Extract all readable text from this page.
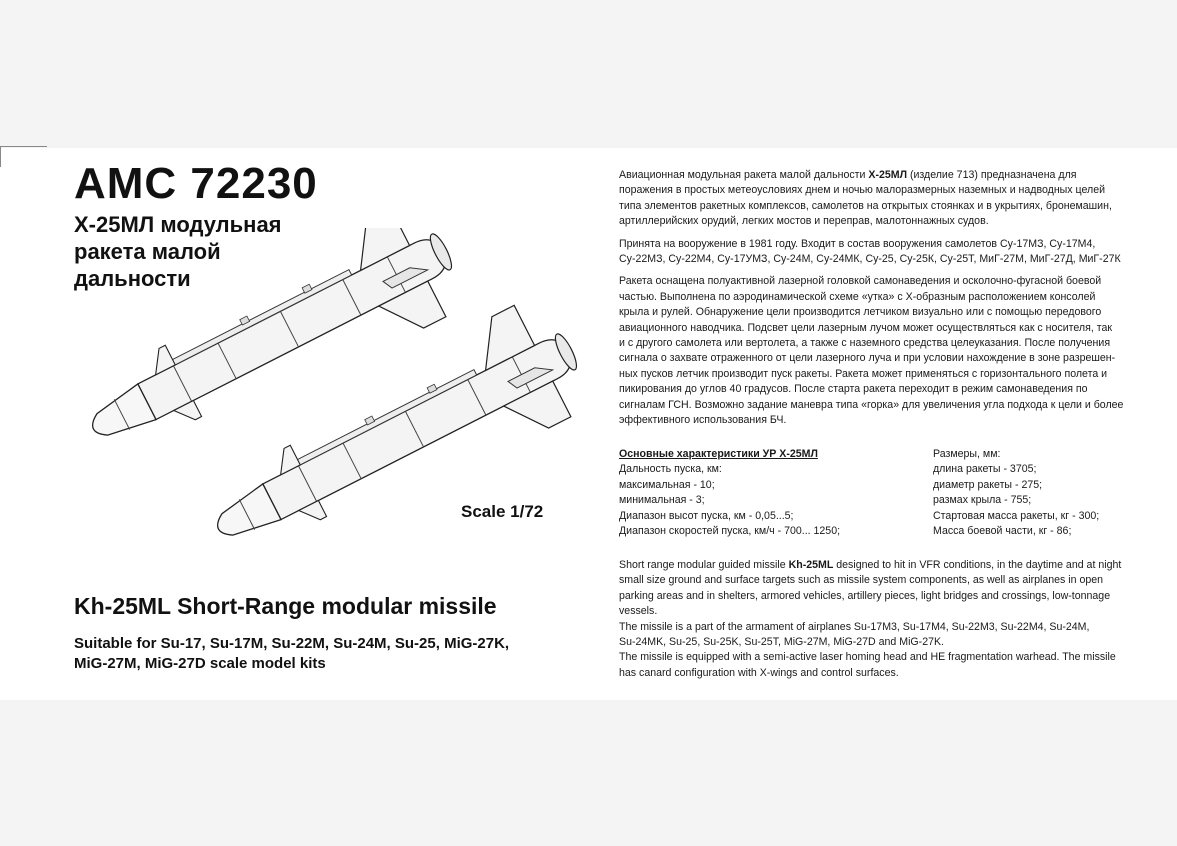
AMC 72230
Х-25МЛ модульная
ракета малой
дальности
Scale 1/72
Kh-25ML Short-Range modular missile
Suitable for Su-17, Su-17M, Su-22M, Su-24M, Su-25, MiG-27K,
MiG-27M, MiG-27D scale model kits

Авиационная модульная ракета малой дальности Х-25МЛ (изделие 713) предназначена для
поражения в простых метеоусловиях днем и ночью малоразмерных наземных и надводных целей
типа элементов ракетных комплексов, самолетов на открытых стоянках и в укрытиях, бронемашин,
артиллерийских орудий, легких мостов и переправ, малотоннажных судов.

Принята на вооружение в 1981 году. Входит в состав вооружения самолетов Су-17МЗ, Су-17М4,
Су-22МЗ, Су-22М4, Су-17УМЗ, Су-24М, Су-24МК, Су-25, Су-25К, Су-25Т, МиГ-27М, МиГ-27Д, МиГ-27К

Ракета оснащена полуактивной лазерной головкой самонаведения и осколочно-фугасной боевой
частью. Выполнена по аэродинамической схеме «утка» с Х-образным расположением консолей
крыла и рулей. Обнаружение цели производится летчиком визуально или с помощью передового
авиационного наводчика. Подсвет цели лазерным лучом может осуществляться как с носителя, так
и с другого самолета или вертолета, а также с наземного средства целеуказания. После получения
сигнала о захвате отраженного от цели лазерного луча и при условии нахождение в зоне разрешен-
ных пусков летчик производит пуск ракеты. Ракета может применяться с горизонтального полета и
пикирования до углов 40 градусов. После старта ракета переходит в режим самонаведения по
сигналам ГСН. Возможно задание маневра типа «горка» для увеличения угла подхода к цели и более
эффективного использования БЧ.

Основные характеристики УР Х-25МЛ
Дальность пуска, км:
максимальная - 10;
минимальная - 3;
Диапазон высот пуска, км - 0,05...5;
Диапазон скоростей пуска, км/ч - 700... 1250;
Размеры, мм:
длина ракеты - 3705;
диаметр ракеты - 275;
размах крыла - 755;
Стартовая масса ракеты, кг - 300;
Масса боевой части, кг - 86;
Short range modular guided missile Kh-25ML designed to hit in VFR conditions, in the daytime and at night
small size ground and surface targets such as missile system components, as well as airplanes in open
parking areas and in shelters, armored vehicles, artillery pieces, light bridges and crossings, low-tonnage
vessels.
The missile is a part of the armament of airplanes Su-17M3, Su-17M4, Su-22M3, Su-22M4, Su-24M,
Su-24MK, Su-25, Su-25K, Su-25T, MiG-27M, MiG-27D and MiG-27K.
The missile is equipped with a semi-active laser homing head and HE fragmentation warhead. The missile
has canard configuration with X-wings and control surfaces.
